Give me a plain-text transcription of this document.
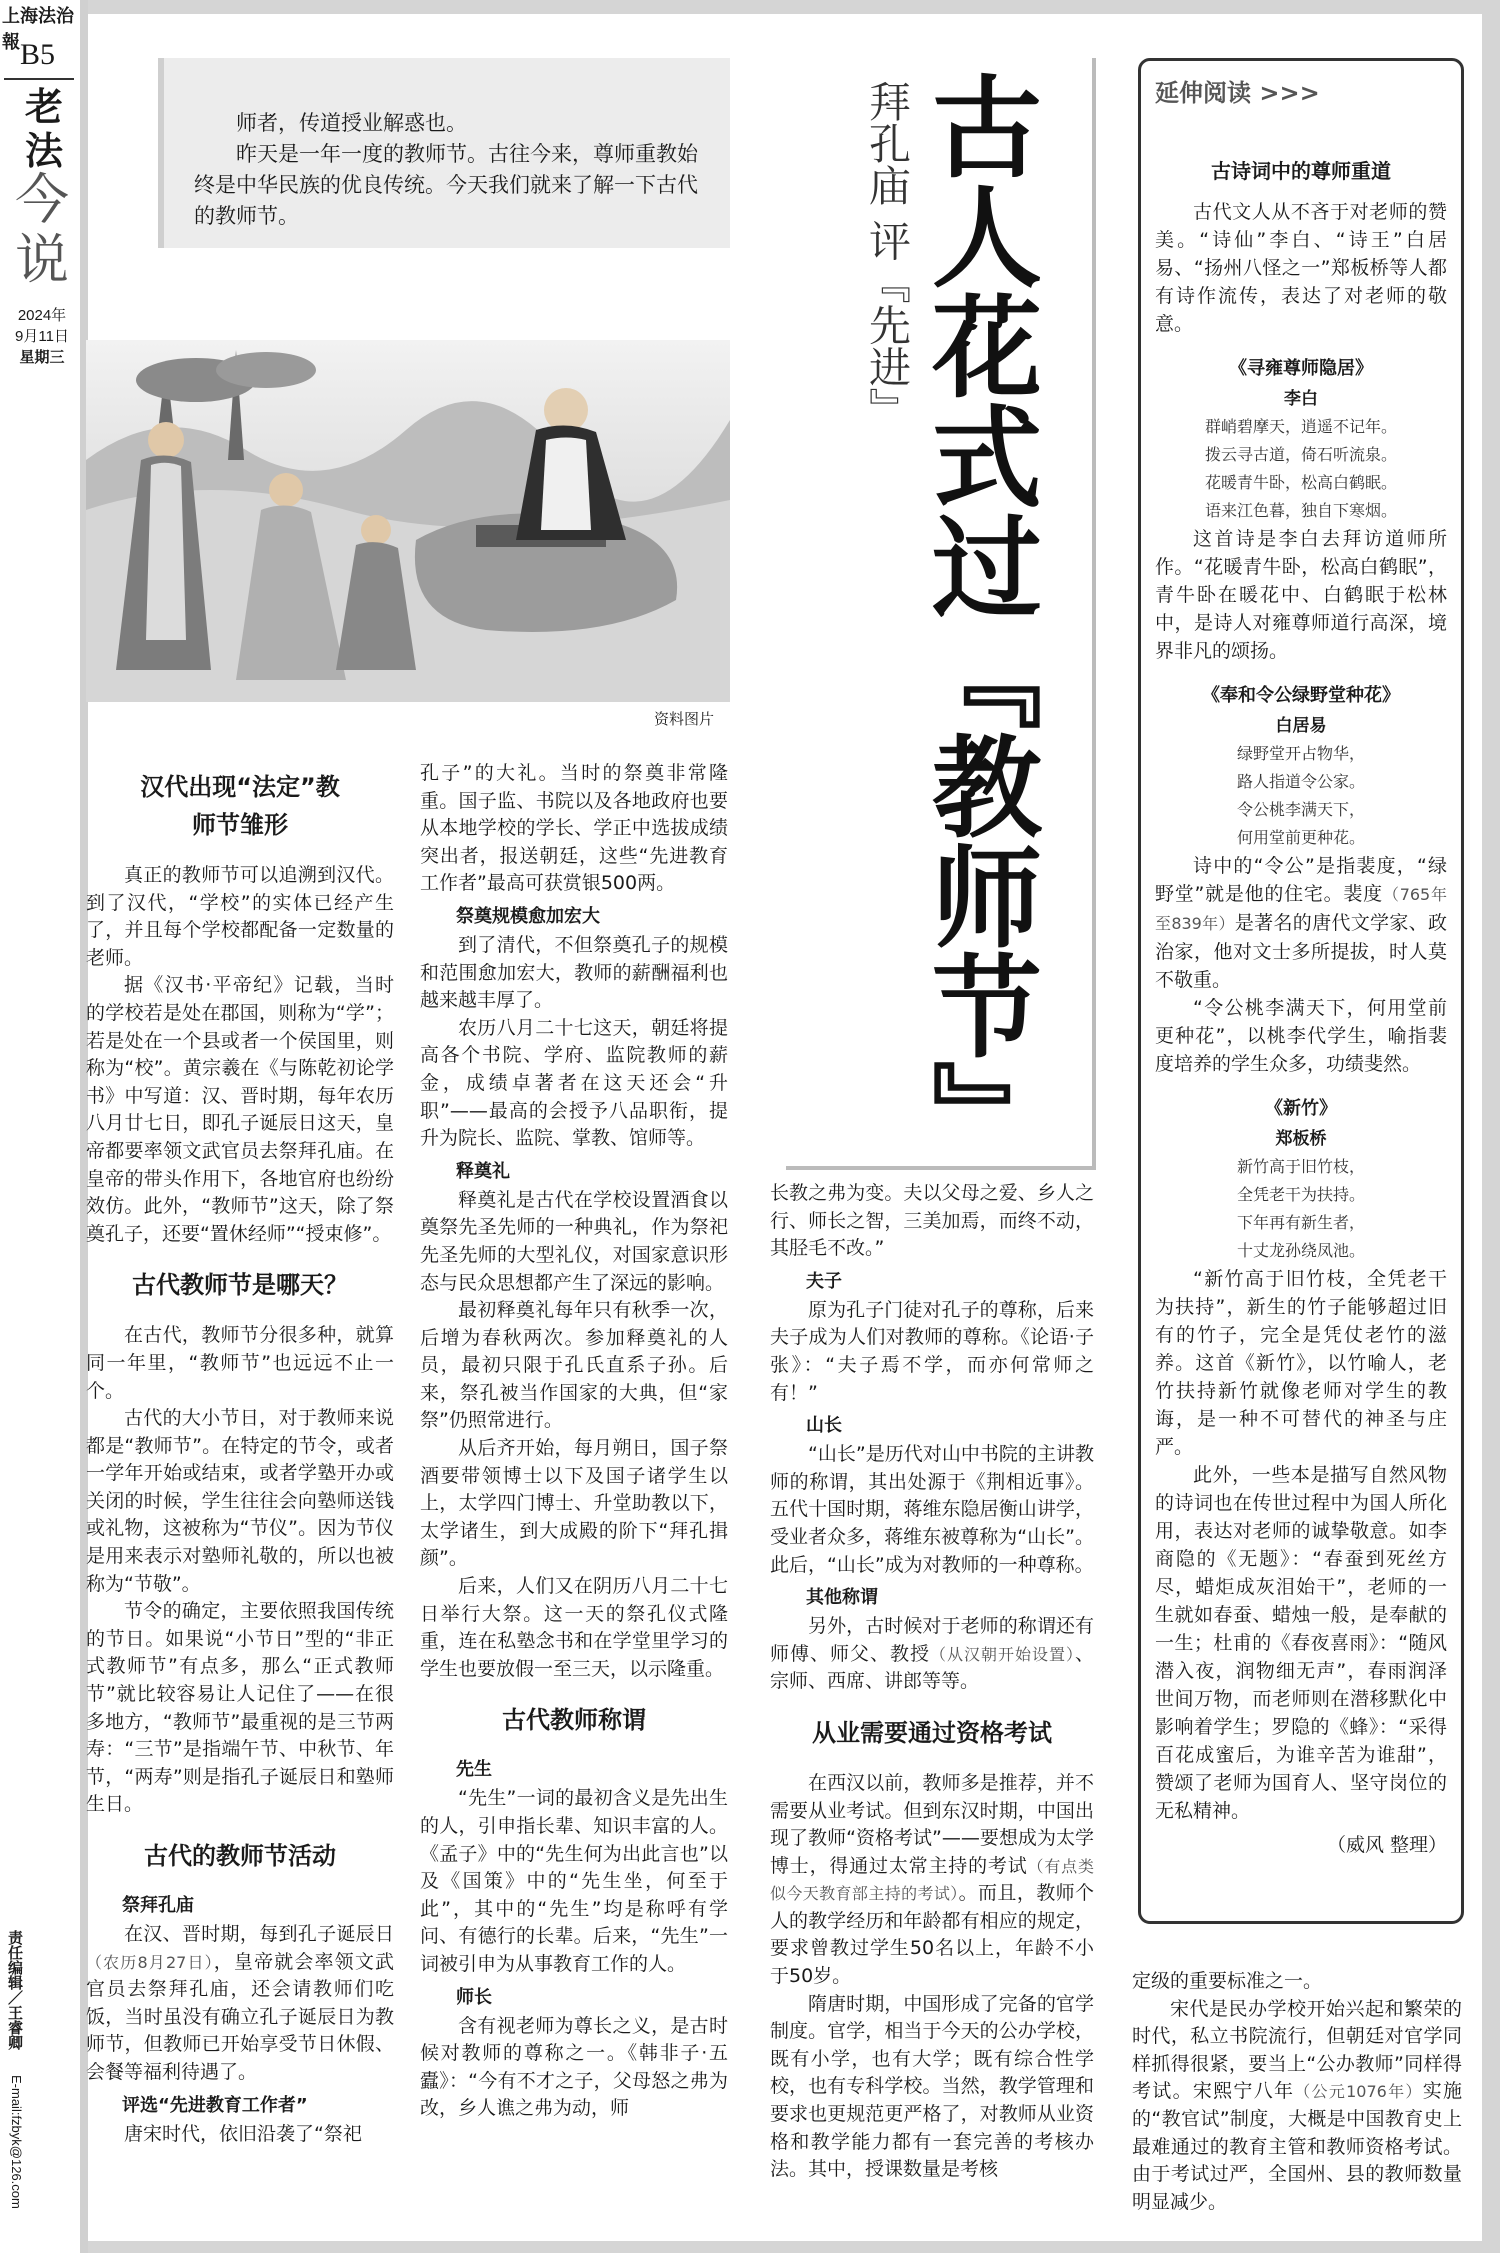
上海法治報 B5
老法
今说
2024年
9月11日
星期三
责任编辑／王睿卿
E-mail:fzbyk@126.com

师者，传道授业解惑也。

昨天是一年一度的教师节。古往今来，尊师重教始终是中华民族的优良传统。今天我们就来了解一下古代的教师节。

资料图片
拜孔庙 评『先进』 古人花式过『教师节』
汉代出现“法定”教师节雏形

真正的教师节可以追溯到汉代。到了汉代，“学校”的实体已经产生了，并且每个学校都配备一定数量的老师。

据《汉书·平帝纪》记载，当时的学校若是处在郡国，则称为“学”；若是处在一个县或者一个侯国里，则称为“校”。黄宗羲在《与陈乾初论学书》中写道：汉、晋时期，每年农历八月廿七日，即孔子诞辰日这天，皇帝都要率领文武官员去祭拜孔庙。在皇帝的带头作用下，各地官府也纷纷效仿。此外，“教师节”这天，除了祭奠孔子，还要“置休经师”“授束修”。

古代教师节是哪天？

在古代，教师节分很多种，就算同一年里，“教师节”也远远不止一个。

古代的大小节日，对于教师来说都是“教师节”。在特定的节令，或者一学年开始或结束，或者学塾开办或关闭的时候，学生往往会向塾师送钱或礼物，这被称为“节仪”。因为节仪是用来表示对塾师礼敬的，所以也被称为“节敬”。

节令的确定，主要依照我国传统的节日。如果说“小节日”型的“非正式教师节”有点多，那么“正式教师节”就比较容易让人记住了——在很多地方，“教师节”最重视的是三节两寿：“三节”是指端午节、中秋节、年节，“两寿”则是指孔子诞辰日和塾师生日。

古代的教师节活动
祭拜孔庙

在汉、晋时期，每到孔子诞辰日（农历8月27日），皇帝就会率领文武官员去祭拜孔庙，还会请教师们吃饭，当时虽没有确立孔子诞辰日为教师节，但教师已开始享受节日休假、会餐等福利待遇了。

评选“先进教育工作者”

唐宋时代，依旧沿袭了“祭祀

孔子”的大礼。当时的祭奠非常隆重。国子监、书院以及各地政府也要从本地学校的学长、学正中选拔成绩突出者，报送朝廷，这些“先进教育工作者”最高可获赏银500两。

祭奠规模愈加宏大

到了清代，不但祭奠孔子的规模和范围愈加宏大，教师的薪酬福利也越来越丰厚了。

农历八月二十七这天，朝廷将提高各个书院、学府、监院教师的薪金，成绩卓著者在这天还会“升职”——最高的会授予八品职衔，提升为院长、监院、掌教、馆师等。

释奠礼

释奠礼是古代在学校设置酒食以奠祭先圣先师的一种典礼，作为祭祀先圣先师的大型礼仪，对国家意识形态与民众思想都产生了深远的影响。

最初释奠礼每年只有秋季一次，后增为春秋两次。参加释奠礼的人员，最初只限于孔氏直系子孙。后来，祭孔被当作国家的大典，但“家祭”仍照常进行。

从后齐开始，每月朔日，国子祭酒要带领博士以下及国子诸学生以上，太学四门博士、升堂助教以下，太学诸生，到大成殿的阶下“拜孔揖颜”。

后来，人们又在阴历八月二十七日举行大祭。这一天的祭孔仪式隆重，连在私塾念书和在学堂里学习的学生也要放假一至三天，以示隆重。

古代教师称谓
先生

“先生”一词的最初含义是先出生的人，引申指长辈、知识丰富的人。《孟子》中的“先生何为出此言也”以及《国策》中的“先生坐，何至于此”，其中的“先生”均是称呼有学问、有德行的长辈。后来，“先生”一词被引申为从事教育工作的人。

师长

含有视老师为尊长之义，是古时候对教师的尊称之一。《韩非子·五蠹》：“今有不才之子，父母怒之弗为改，乡人谯之弗为动，师

长教之弗为变。夫以父母之爱、乡人之行、师长之智，三美加焉，而终不动，其胫毛不改。”

夫子

原为孔子门徒对孔子的尊称，后来夫子成为人们对教师的尊称。《论语·子张》：“夫子焉不学，而亦何常师之有！”

山长

“山长”是历代对山中书院的主讲教师的称谓，其出处源于《荆相近事》。五代十国时期，蒋维东隐居衡山讲学，受业者众多，蒋维东被尊称为“山长”。此后，“山长”成为对教师的一种尊称。

其他称谓

另外，古时候对于老师的称谓还有师傅、师父、教授（从汉朝开始设置）、宗师、西席、讲郎等等。

从业需要通过资格考试

在西汉以前，教师多是推荐，并不需要从业考试。但到东汉时期，中国出现了教师“资格考试”——要想成为太学博士，得通过太常主持的考试（有点类似今天教育部主持的考试）。而且，教师个人的教学经历和年龄都有相应的规定，要求曾教过学生50名以上，年龄不小于50岁。

隋唐时期，中国形成了完备的官学制度。官学，相当于今天的公办学校，既有小学，也有大学；既有综合性学校，也有专科学校。当然，教学管理和要求也更规范更严格了，对教师从业资格和教学能力都有一套完善的考核办法。其中，授课数量是考核

延伸阅读 >>>
古诗词中的尊师重道

古代文人从不吝于对老师的赞美。“诗仙”李白、“诗王”白居易、“扬州八怪之一”郑板桥等人都有诗作流传，表达了对老师的敬意。

《寻雍尊师隐居》
李白
群峭碧摩天，逍遥不记年。
拨云寻古道，倚石听流泉。
花暖青牛卧，松高白鹤眠。
语来江色暮，独自下寒烟。

这首诗是李白去拜访道师所作。“花暖青牛卧，松高白鹤眠”，青牛卧在暖花中、白鹤眠于松林中，是诗人对雍尊师道行高深，境界非凡的颂扬。

《奉和令公绿野堂种花》
白居易
绿野堂开占物华，
路人指道令公家。
令公桃李满天下，
何用堂前更种花。

诗中的“令公”是指裴度，“绿野堂”就是他的住宅。裴度（765年至839年）是著名的唐代文学家、政治家，他对文士多所提拔，时人莫不敬重。

“令公桃李满天下，何用堂前更种花”，以桃李代学生，喻指裴度培养的学生众多，功绩斐然。

《新竹》
郑板桥
新竹高于旧竹枝，
全凭老干为扶持。
下年再有新生者，
十丈龙孙绕凤池。

“新竹高于旧竹枝，全凭老干为扶持”，新生的竹子能够超过旧有的竹子，完全是凭仗老竹的滋养。这首《新竹》，以竹喻人，老竹扶持新竹就像老师对学生的教诲，是一种不可替代的神圣与庄严。

此外，一些本是描写自然风物的诗词也在传世过程中为国人所化用，表达对老师的诚挚敬意。如李商隐的《无题》：“春蚕到死丝方尽，蜡炬成灰泪始干”，老师的一生就如春蚕、蜡烛一般，是奉献的一生；杜甫的《春夜喜雨》：“随风潜入夜，润物细无声”，春雨润泽世间万物，而老师则在潜移默化中影响着学生；罗隐的《蜂》：“采得百花成蜜后，为谁辛苦为谁甜”，赞颂了老师为国育人、坚守岗位的无私精神。

（威风 整理）

定级的重要标准之一。

宋代是民办学校开始兴起和繁荣的时代，私立书院流行，但朝廷对官学同样抓得很紧，要当上“公办教师”同样得考试。宋熙宁八年（公元1076年）实施的“教官试”制度，大概是中国教育史上最难通过的教育主管和教师资格考试。由于考试过严，全国州、县的教师数量明显减少。
